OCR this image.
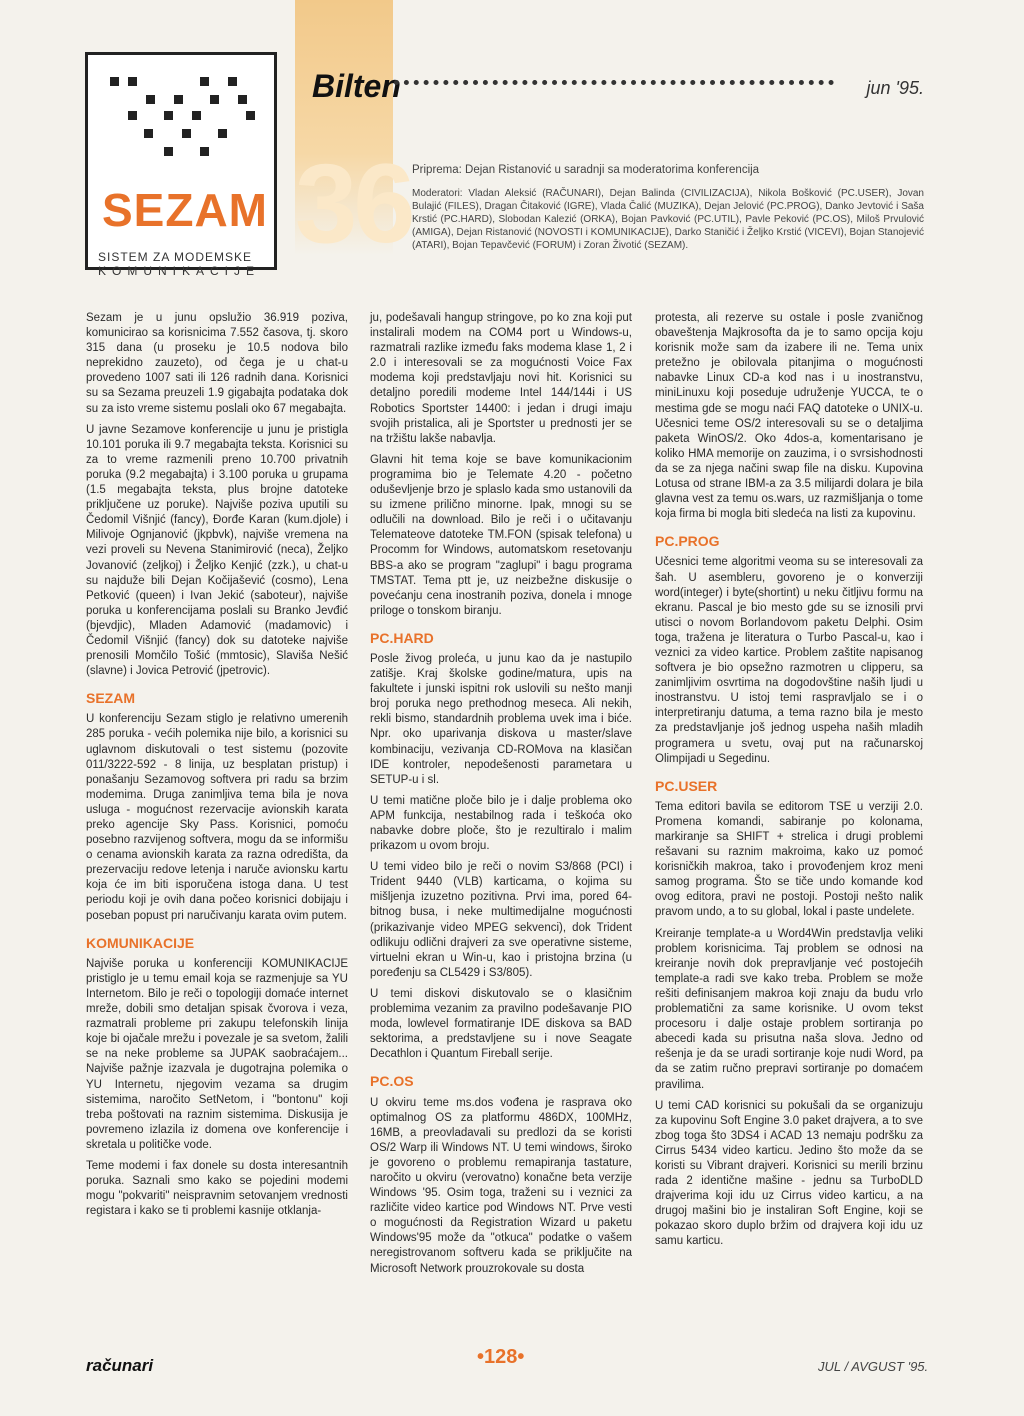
36
SEZAM
SISTEM ZA MODEMSKE
KOMUNIKACIJE
Bilten	jun '95.
Priprema: Dejan Ristanović u saradnji sa moderatorima konferencija
Moderatori: Vladan Aleksić (RAČUNARI), Dejan Balinda (CIVILIZACIJA), Nikola Bošković (PC.USER), Jovan Bulajić (FILES), Dragan Čitaković (IGRE), Vlada Čalić (MUZIKA), Dejan Jelović (PC.PROG), Danko Jevtović i Saša Krstić (PC.HARD), Slobodan Kalezić (ORKA), Bojan Pavković (PC.UTIL), Pavle Peković (PC.OS), Miloš Prvulović (AMIGA), Dejan Ristanović (NOVOSTI i KOMUNIKACIJE), Darko Staničić i Željko Krstić (VICEVI), Bojan Stanojević (ATARI), Bojan Tepavčević (FORUM) i Zoran Životić (SEZAM).

Sezam je u junu opslužio 36.919 poziva, komunicirao sa korisnicima 7.552 časova, tj. skoro 315 dana (u proseku je 10.5 nodova bilo neprekidno zauzeto), od čega je u chat-u provedeno 1007 sati ili 126 radnih dana. Korisnici su sa Sezama preuzeli 1.9 gigabajta podataka dok su za isto vreme sistemu poslali oko 67 megabajta.

U javne Sezamove konferencije u junu je pristigla 10.101 poruka ili 9.7 megabajta teksta. Korisnici su za to vreme razmenili preno 10.700 privatnih poruka (9.2 megabajta) i 3.100 poruka u grupama (1.5 megabajta teksta, plus brojne datoteke priključene uz poruke). Najviše poziva uputili su Čedomil Višnjić (fancy), Đorđe Karan (kum.djole) i Milivoje Ognjanović (jkpbvk), najviše vremena na vezi proveli su Nevena Stanimirović (neca), Željko Jovanović (zeljkoj) i Željko Kenjić (zzk.), u chat-u su najduže bili Dejan Kočijašević (cosmo), Lena Petković (queen) i Ivan Jekić (saboteur), najviše poruka u konferencijama poslali su Branko Jevđić (bjevdjic), Mladen Adamović (madamovic) i Čedomil Višnjić (fancy) dok su datoteke najviše prenosili Momčilo Tošić (mmtosic), Slaviša Nešić (slavne) i Jovica Petrović (jpetrovic).

SEZAM

U konferenciju Sezam stiglo je relativno umerenih 285 poruka - većih polemika nije bilo, a korisnici su uglavnom diskutovali o test sistemu (pozovite 011/3222-592 - 8 linija, uz besplatan pristup) i ponašanju Sezamovog softvera pri radu sa brzim modemima. Druga zanimljiva tema bila je nova usluga - mogućnost rezervacije avionskih karata preko agencije Sky Pass. Korisnici, pomoću posebno razvijenog softvera, mogu da se informišu o cenama avionskih karata za razna odredišta, da prezervaciju redove letenja i naruče avionsku kartu koja će im biti isporučena istoga dana. U test periodu koji je ovih dana počeo korisnici dobijaju i poseban popust pri naručivanju karata ovim putem.

KOMUNIKACIJE

Najviše poruka u konferenciji KOMUNIKACIJE pristiglo je u temu email koja se razmenjuje sa YU Internetom. Bilo je reči o topologiji domaće internet mreže, dobili smo detaljan spisak čvorova i veza, razmatrali probleme pri zakupu telefonskih linija koje bi ojačale mrežu i povezale je sa svetom, žalili se na neke probleme sa JUPAK saobraćajem... Najviše pažnje izazvala je dugotrajna polemika o YU Internetu, njegovim vezama sa drugim sistemima, naročito SetNetom, i "bontonu" koji treba poštovati na raznim sistemima. Diskusija je povremeno izlazila iz domena ove konferencije i skretala u političke vode.

Teme modemi i fax donele su dosta interesantnih poruka. Saznali smo kako se pojedini modemi mogu "pokvariti" neispravnim setovanjem vrednosti registara i kako se ti problemi kasnije otklanja-

ju, podešavali hangup stringove, po ko zna koji put instalirali modem na COM4 port u Windows-u, razmatrali razlike između faks modema klase 1, 2 i 2.0 i interesovali se za mogućnosti Voice Fax modema koji predstavljaju novi hit. Korisnici su detaljno poredili modeme Intel 144/144i i US Robotics Sportster 14400: i jedan i drugi imaju svojih pristalica, ali je Sportster u prednosti jer se na tržištu lakše nabavlja.

Glavni hit tema koje se bave komunikacionim programima bio je Telemate 4.20 - početno oduševljenje brzo je splaslo kada smo ustanovili da su izmene prilično minorne. Ipak, mnogi su se odlučili na download. Bilo je reči i o učitavanju Telemateove datoteke TM.FON (spisak telefona) u Procomm for Windows, automatskom resetovanju BBS-a ako se program "zaglupi" i bagu programa TMSTAT. Tema ptt je, uz neizbežne diskusije o povećanju cena inostranih poziva, donela i mnoge priloge o tonskom biranju.

PC.HARD

Posle živog proleća, u junu kao da je nastupilo zatišje. Kraj školske godine/matura, upis na fakultete i junski ispitni rok uslovili su nešto manji broj poruka nego prethodnog meseca. Ali nekih, rekli bismo, standardnih problema uvek ima i biće. Npr. oko uparivanja diskova u master/slave kombinaciju, vezivanja CD-ROMova na klasičan IDE kontroler, nepodešenosti parametara u SETUP-u i sl.

U temi matične ploče bilo je i dalje problema oko APM funkcija, nestabilnog rada i teškoća oko nabavke dobre ploče, što je rezultiralo i malim prikazom u ovom broju.

U temi video bilo je reči o novim S3/868 (PCI) i Trident 9440 (VLB) karticama, o kojima su mišljenja izuzetno pozitivna. Prvi ima, pored 64-bitnog busa, i neke multimedijalne mogućnosti (prikazivanje video MPEG sekvenci), dok Trident odlikuju odlični drajveri za sve operativne sisteme, virtuelni ekran u Win-u, kao i pristojna brzina (u poređenju sa CL5429 i S3/805).

U temi diskovi diskutovalo se o klasičnim problemima vezanim za pravilno podešavanje PIO moda, lowlevel formatiranje IDE diskova sa BAD sektorima, a predstavljene su i nove Seagate Decathlon i Quantum Fireball serije.

PC.OS

U okviru teme ms.dos vođena je rasprava oko optimalnog OS za platformu 486DX, 100MHz, 16MB, a preovladavali su predlozi da se koristi OS/2 Warp ili Windows NT. U temi windows, široko je govoreno o problemu remapiranja tastature, naročito u okviru (verovatno) konačne beta verzije Windows '95. Osim toga, traženi su i veznici za različite video kartice pod Windows NT. Prve vesti o mogućnosti da Registration Wizard u paketu Windows'95 može da "otkuca" podatke o vašem neregistrovanom softveru kada se priključite na Microsoft Network prouzrokovale su dosta

protesta, ali rezerve su ostale i posle zvaničnog obaveštenja Majkrosofta da je to samo opcija koju korisnik može sam da izabere ili ne. Tema unix pretežno je obilovala pitanjima o mogućnosti nabavke Linux CD-a kod nas i u inostranstvu, miniLinuxu koji poseduje udruženje YUCCA, te o mestima gde se mogu naći FAQ datoteke o UNIX-u. Učesnici teme OS/2 interesovali su se o detaljima paketa WinOS/2. Oko 4dos-a, komentarisano je koliko HMA memorije on zauzima, i o svrsishodnosti da se za njega načini swap file na disku. Kupovina Lotusa od strane IBM-a za 3.5 milijardi dolara je bila glavna vest za temu os.wars, uz razmišljanja o tome koja firma bi mogla biti sledeća na listi za kupovinu.

PC.PROG

Učesnici teme algoritmi veoma su se interesovali za šah. U asembleru, govoreno je o konverziji word(integer) i byte(shortint) u neku čitljivu formu na ekranu. Pascal je bio mesto gde su se iznosili prvi utisci o novom Borlandovom paketu Delphi. Osim toga, tražena je literatura o Turbo Pascal-u, kao i veznici za video kartice. Problem zaštite napisanog softvera je bio opsežno razmotren u clipperu, sa zanimljivim osvrtima na dogodovštine naših ljudi u inostranstvu. U istoj temi raspravljalo se i o interpretiranju datuma, a tema razno bila je mesto za predstavljanje još jednog uspeha naših mladih programera u svetu, ovaj put na računarskoj Olimpijadi u Segedinu.

PC.USER

Tema editori bavila se editorom TSE u verziji 2.0. Promena komandi, sabiranje po kolonama, markiranje sa SHIFT + strelica i drugi problemi rešavani su raznim makroima, kako uz pomoć korisničkih makroa, tako i provođenjem kroz meni samog programa. Što se tiče undo komande kod ovog editora, pravi ne postoji. Postoji nešto nalik pravom undo, a to su global, lokal i paste undelete.

Kreiranje template-a u Word4Win predstavlja veliki problem korisnicima. Taj problem se odnosi na kreiranje novih dok prepravljanje već postojećih template-a radi sve kako treba. Problem se može rešiti definisanjem makroa koji znaju da budu vrlo problematični za same korisnike. U ovom tekst procesoru i dalje ostaje problem sortiranja po abecedi kada su prisutna naša slova. Jedno od rešenja je da se uradi sortiranje koje nudi Word, pa da se zatim ručno prepravi sortiranje po domaćem pravilima.

U temi CAD korisnici su pokušali da se organizuju za kupovinu Soft Engine 3.0 paket drajvera, a to sve zbog toga što 3DS4 i ACAD 13 nemaju podršku za Cirrus 5434 video karticu. Jedino što može da se koristi su Vibrant drajveri. Korisnici su merili brzinu rada 2 identične mašine - jednu sa TurboDLD drajverima koji idu uz Cirrus video karticu, a na drugoj mašini bio je instaliran Soft Engine, koji se pokazao skoro duplo bržim od drajvera koji idu uz samu karticu.

računari	•128•	JUL / AVGUST '95.
